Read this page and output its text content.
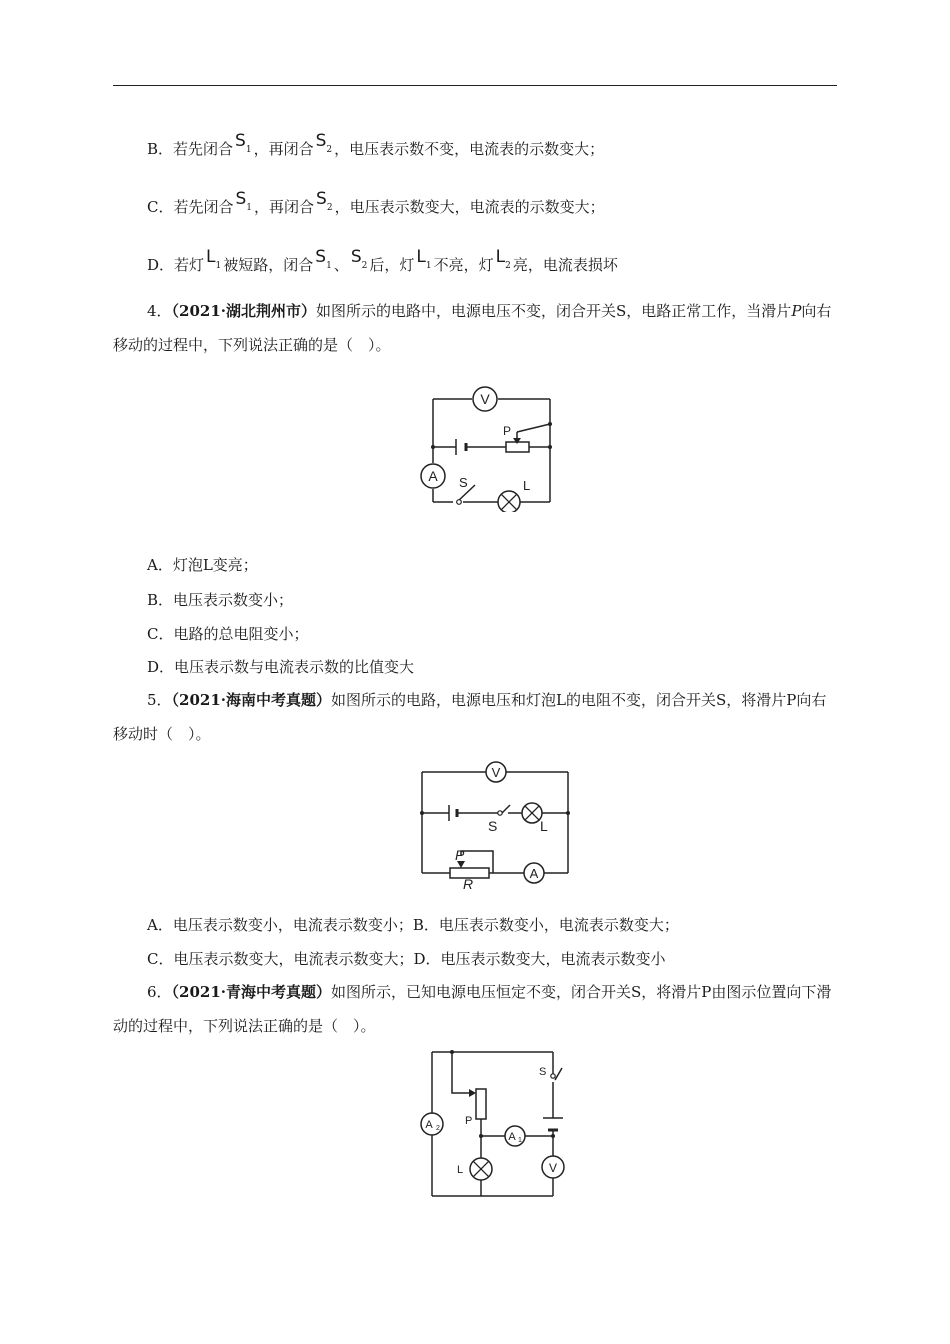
B．若先闭合 S1 ，再闭合 S2 ，电压表示数不变，电流表的示数变大；
C．若先闭合 S1 ，再闭合 S2 ，电压表示数变大，电流表的示数变大；
D．若灯 L1 被短路，闭合 S1 、 S2 后，灯 L1 不亮，灯 L2 亮，电流表损坏
4．（2021·湖北荆州市）如图所示的电路中，电源电压不变，闭合开关S，电路正常工作，当滑片P向右移动的过程中，下列说法正确的是（　）。
V
A
P
S	L
A．灯泡L变亮；
B．电压表示数变小；
C．电路的总电阻变小；
D．电压表示数与电流表示数的比值变大
5．（2021·海南中考真题）如图所示的电路，电源电压和灯泡L的电阻不变，闭合开关S，将滑片P向右移动时（　）。
V
A
S	L
P
R
A．电压表示数变小，电流表示数变小；B．电压表示数变小，电流表示数变大；
C．电压表示数变大，电流表示数变大；D．电压表示数变大，电流表示数变小
6．（2021·青海中考真题）如图所示，已知电源电压恒定不变，闭合开关S，将滑片P由图示位置向下滑动的过程中，下列说法正确的是（　）。
A 2
A 1
V
P
S
L
